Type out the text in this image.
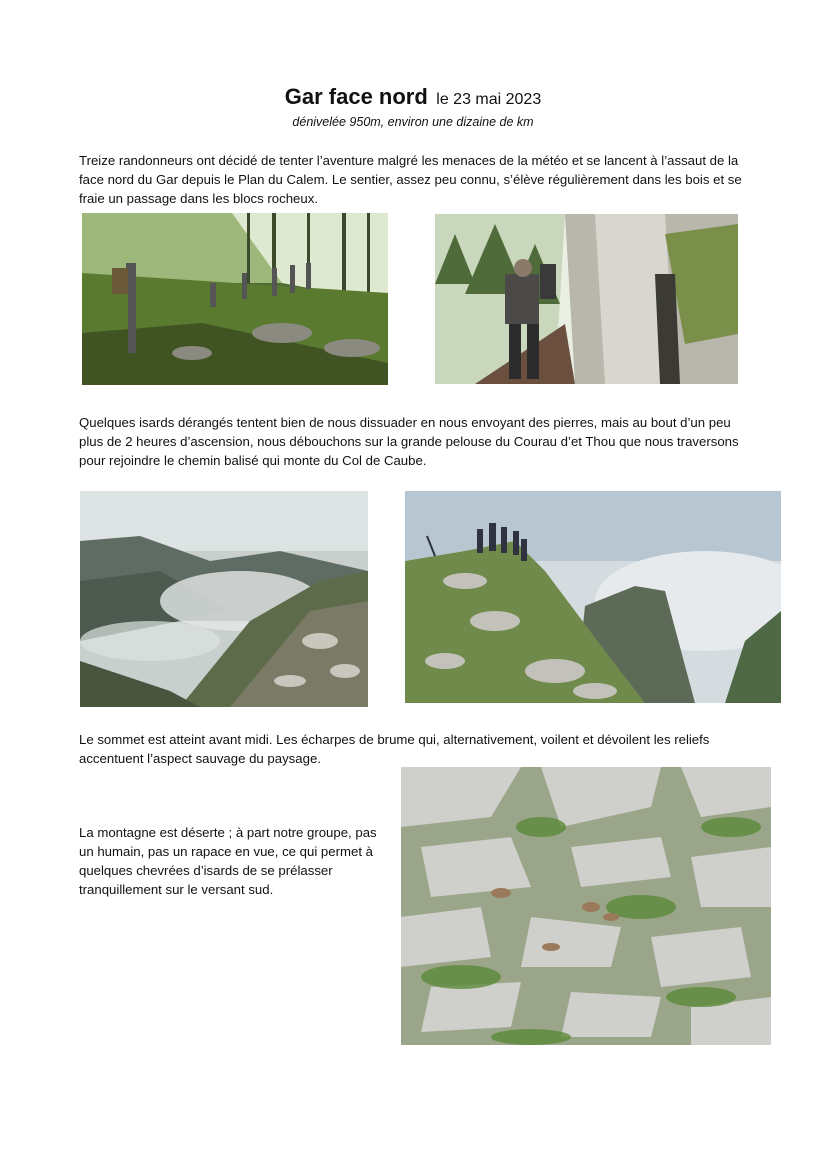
Gar face nord le 23 mai 2023
dénivelée 950m, environ une dizaine de km
Treize randonneurs ont décidé de tenter l’aventure malgré les menaces de la météo et se lancent à l’assaut de la face nord du Gar depuis le Plan du Calem. Le sentier, assez peu connu, s’élève régulièrement dans les bois et se fraie un passage dans les blocs rocheux.
Quelques isards dérangés tentent bien de nous dissuader en nous envoyant des pierres, mais au bout d’un peu plus de 2 heures d’ascension, nous débouchons sur la grande pelouse du Courau d’et Thou que nous traversons pour rejoindre le chemin balisé qui monte du Col de Caube.
Le sommet est atteint avant midi. Les écharpes de brume qui, alternativement, voilent et dévoilent les reliefs accentuent l’aspect sauvage du paysage.
La montagne est déserte ; à part notre groupe, pas un humain, pas un rapace en vue, ce qui permet à quelques chevrées d’isards de se prélasser tranquillement sur le versant sud.
